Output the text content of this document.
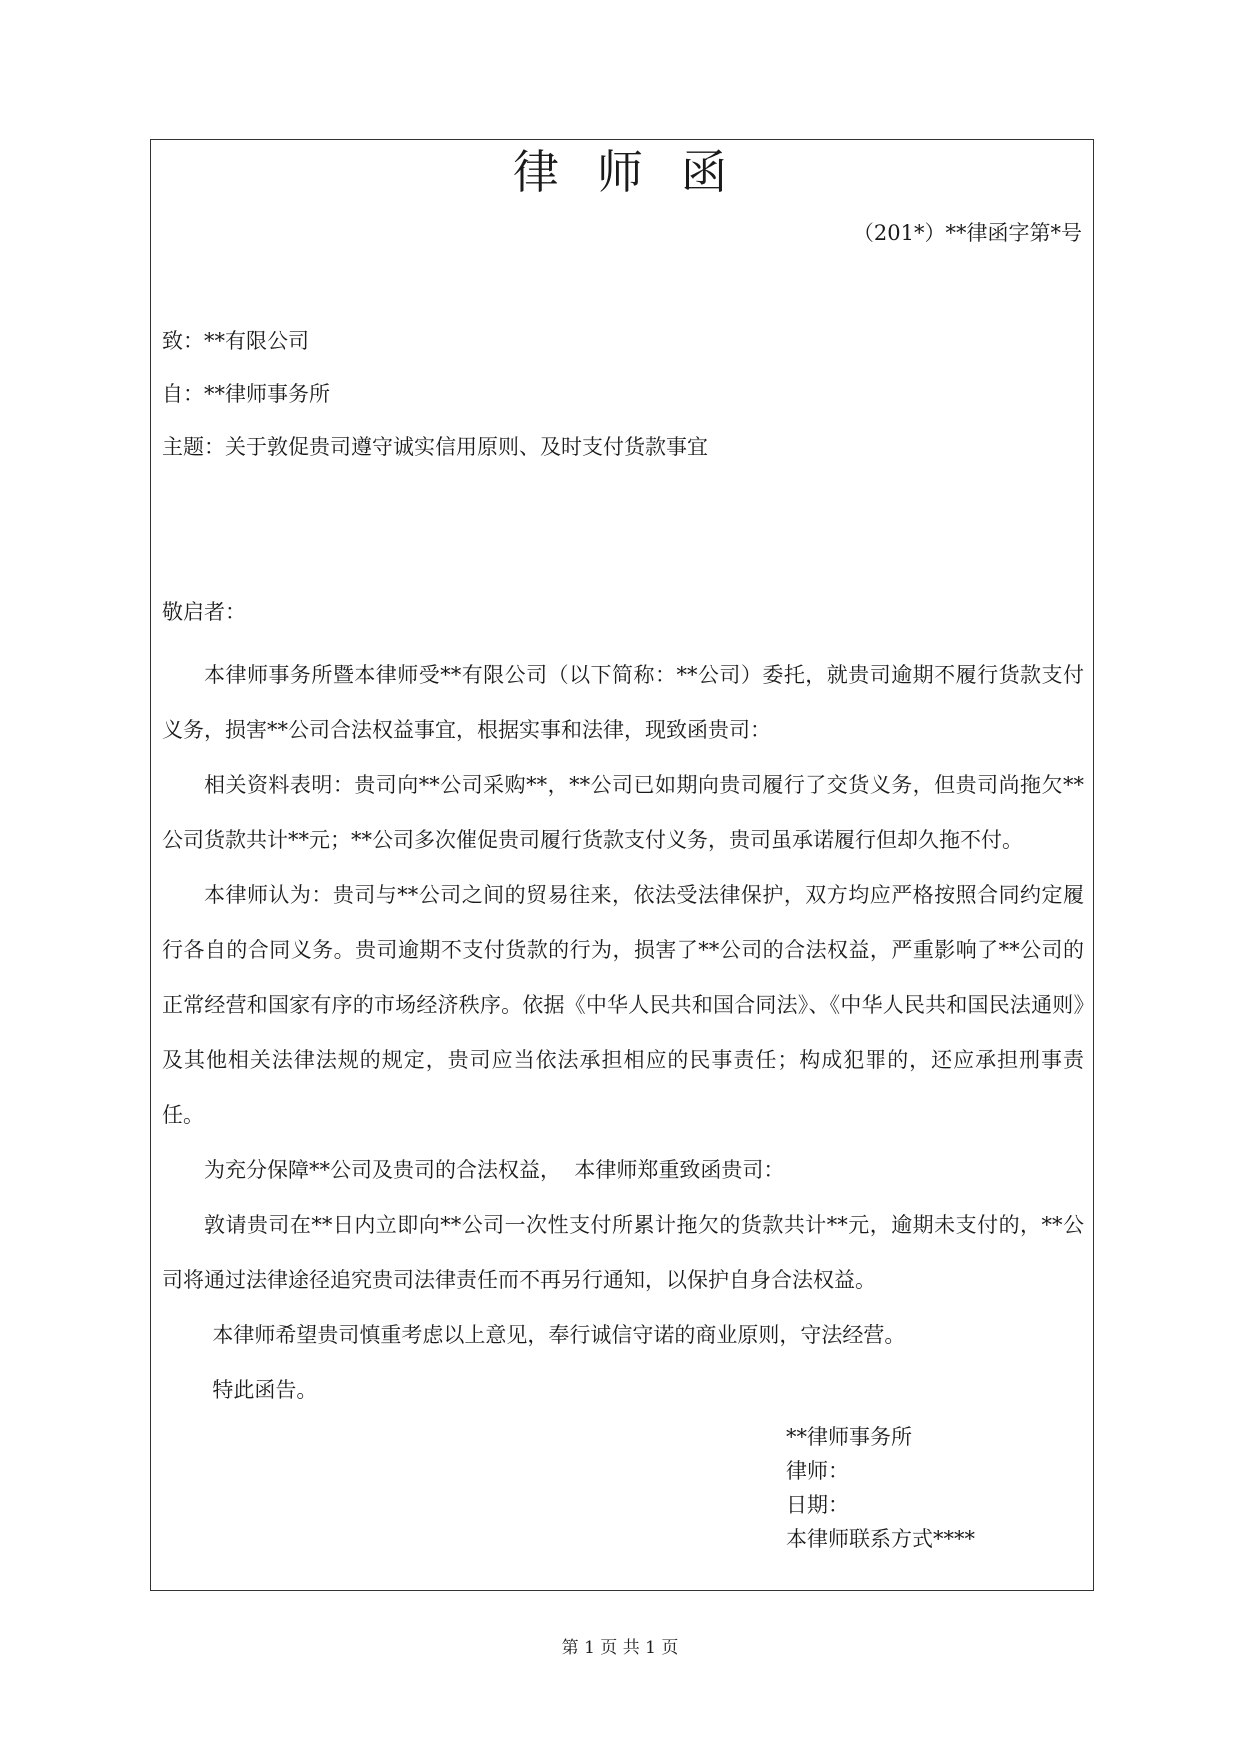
律师函
（201*）**律函字第*号
致：**有限公司
自：**律师事务所
主题：关于敦促贵司遵守诚实信用原则、及时支付货款事宜
敬启者：

本律师事务所暨本律师受**有限公司（以下简称：**公司）委托，就贵司逾期不履行货款支付义务，损害**公司合法权益事宜，根据实事和法律，现致函贵司：

相关资料表明：贵司向**公司采购**，**公司已如期向贵司履行了交货义务，但贵司尚拖欠**公司货款共计**元；**公司多次催促贵司履行货款支付义务，贵司虽承诺履行但却久拖不付。

本律师认为：贵司与**公司之间的贸易往来，依法受法律保护，双方均应严格按照合同约定履行各自的合同义务。贵司逾期不支付货款的行为，损害了**公司的合法权益，严重影响了**公司的正常经营和国家有序的市场经济秩序。依据《中华人民共和国合同法》、《中华人民共和国民法通则》及其他相关法律法规的规定，贵司应当依法承担相应的民事责任；构成犯罪的，还应承担刑事责任。

为充分保障**公司及贵司的合法权益，  本律师郑重致函贵司：

敦请贵司在**日内立即向**公司一次性支付所累计拖欠的货款共计**元，逾期未支付的，**公司将通过法律途径追究贵司法律责任而不再另行通知，以保护自身合法权益。

本律师希望贵司慎重考虑以上意见，奉行诚信守诺的商业原则，守法经营。

特此函告。

**律师事务所
律师：
日期：
本律师联系方式****
第 1 页 共 1 页
